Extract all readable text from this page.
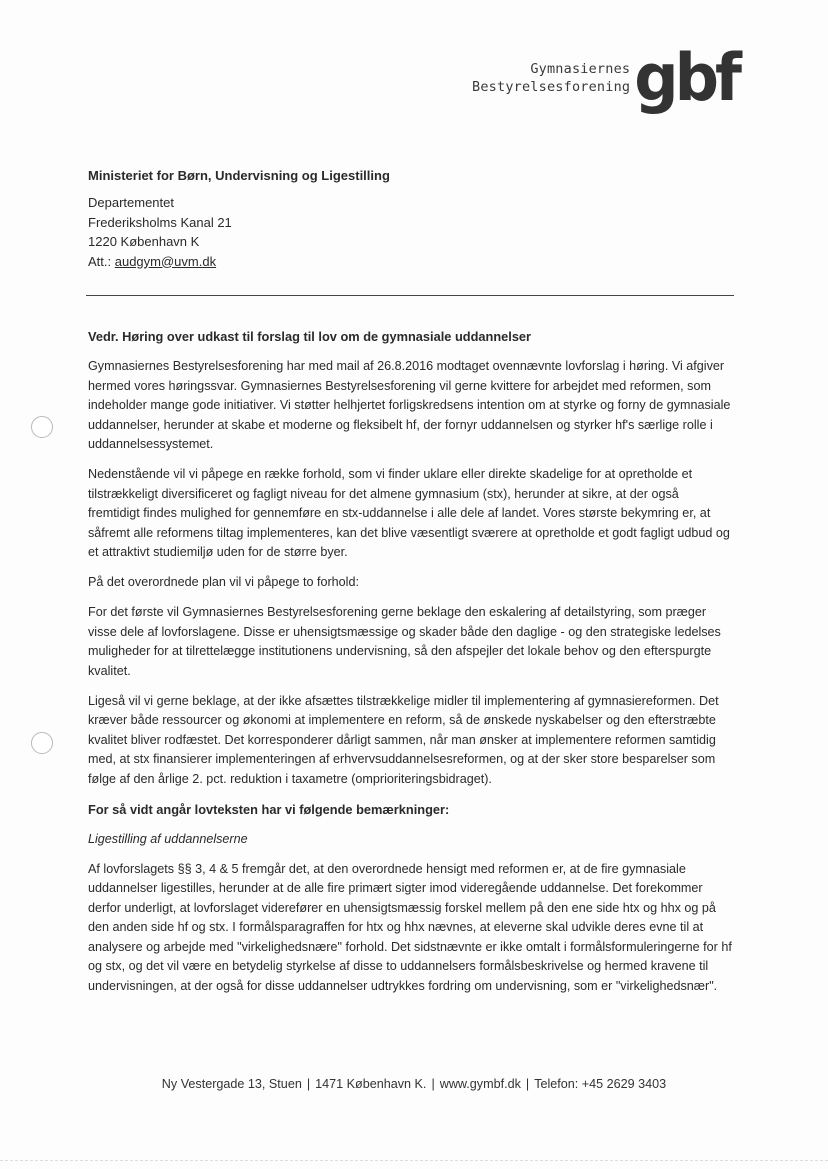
Gymnasiernes
Bestyrelsesforening gbf
Ministeriet for Børn, Undervisning og Ligestilling
Departementet
Frederiksholms Kanal 21
1220 København K
Att.: audgym@uvm.dk
Vedr. Høring over udkast til forslag til lov om de gymnasiale uddannelser

Gymnasiernes Bestyrelsesforening har med mail af 26.8.2016 modtaget ovennævnte lovforslag i høring. Vi afgiver hermed vores høringssvar. Gymnasiernes Bestyrelsesforening vil gerne kvittere for arbejdet med reformen, som indeholder mange gode initiativer. Vi støtter helhjertet forligskredsens intention om at styrke og forny de gymnasiale uddannelser, herunder at skabe et moderne og fleksibelt hf, der fornyr uddannelsen og styrker hf's særlige rolle i uddannelsessystemet.

Nedenstående vil vi påpege en række forhold, som vi finder uklare eller direkte skadelige for at opretholde et tilstrækkeligt diversificeret og fagligt niveau for det almene gymnasium (stx), herunder at sikre, at der også fremtidigt findes mulighed for gennemføre en stx-uddannelse i alle dele af landet. Vores største bekymring er, at såfremt alle reformens tiltag implementeres, kan det blive væsentligt sværere at opretholde et godt fagligt udbud og et attraktivt studiemiljø uden for de større byer.

På det overordnede plan vil vi påpege to forhold:

For det første vil Gymnasiernes Bestyrelsesforening gerne beklage den eskalering af detailstyring, som præger visse dele af lovforslagene. Disse er uhensigtsmæssige og skader både den daglige - og den strategiske ledelses muligheder for at tilrettelægge institutionens undervisning, så den afspejler det lokale behov og den efterspurgte kvalitet.

Ligeså vil vi gerne beklage, at der ikke afsættes tilstrækkelige midler til implementering af gymnasiereformen. Det kræver både ressourcer og økonomi at implementere en reform, så de ønskede nyskabelser og den efterstræbte kvalitet bliver rodfæstet. Det korresponderer dårligt sammen, når man ønsker at implementere reformen samtidig med, at stx finansierer implementeringen af erhvervsuddannelsesreformen, og at der sker store besparelser som følge af den årlige 2. pct. reduktion i taxametre (omprioriteringsbidraget).

For så vidt angår lovteksten har vi følgende bemærkninger:

Ligestilling af uddannelserne

Af lovforslagets §§ 3, 4 & 5 fremgår det, at den overordnede hensigt med reformen er, at de fire gymnasiale uddannelser ligestilles, herunder at de alle fire primært sigter imod videregående uddannelse. Det forekommer derfor underligt, at lovforslaget viderefører en uhensigtsmæssig forskel mellem på den ene side htx og hhx og på den anden side hf og stx. I formålsparagraffen for htx og hhx nævnes, at eleverne skal udvikle deres evne til at analysere og arbejde med "virkelighedsnære" forhold. Det sidstnævnte er ikke omtalt i formålsformuleringerne for hf og stx, og det vil være en betydelig styrkelse af disse to uddannelsers formålsbeskrivelse og hermed kravene til undervisningen, at der også for disse uddannelser udtrykkes fordring om undervisning, som er "virkelighedsnær".

Ny Vestergade 13, Stuen | 1471 København K. | www.gymbf.dk | Telefon: +45 2629 3403
